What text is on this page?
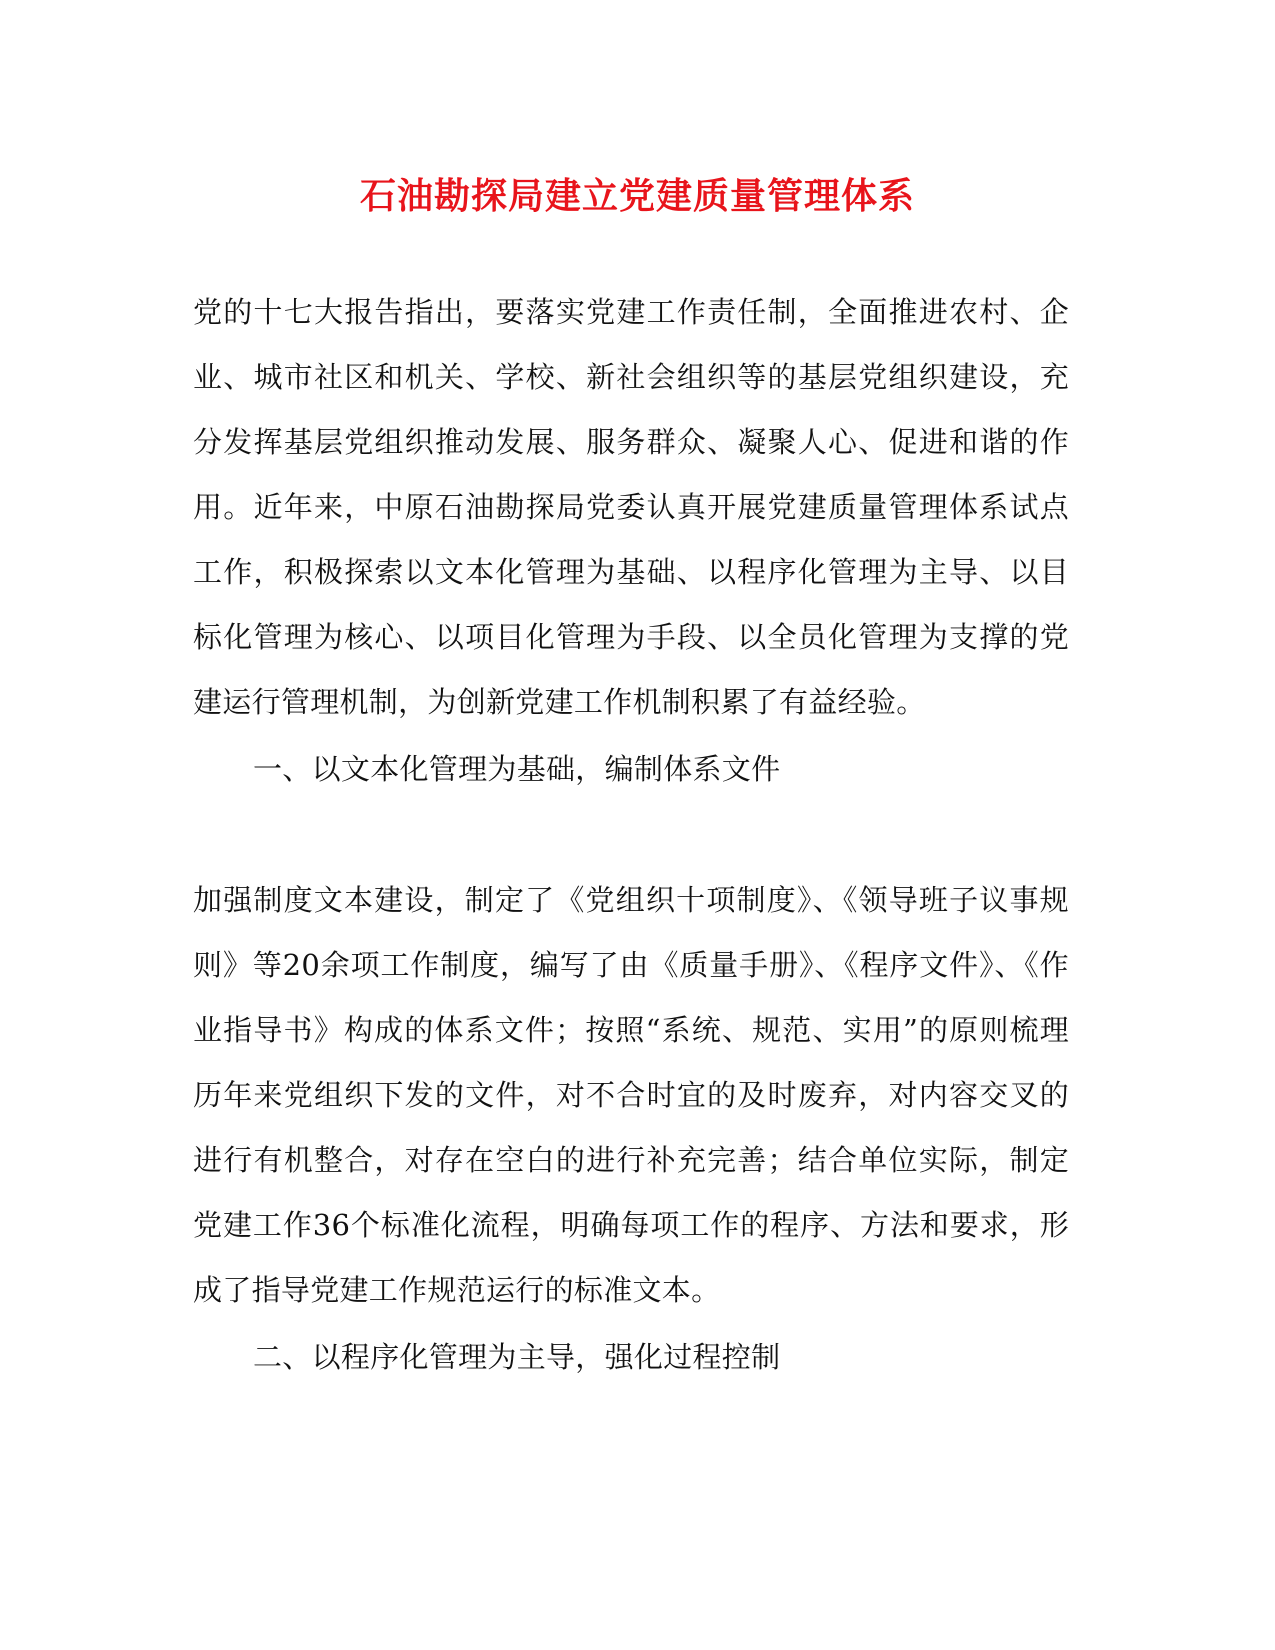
石油勘探局建立党建质量管理体系
党的十七大报告指出，要落实党建工作责任制，全面推进农村、企业、城市社区和机关、学校、新社会组织等的基层党组织建设，充分发挥基层党组织推动发展、服务群众、凝聚人心、促进和谐的作用。近年来，中原石油勘探局党委认真开展党建质量管理体系试点工作，积极探索以文本化管理为基础、以程序化管理为主导、以目标化管理为核心、以项目化管理为手段、以全员化管理为支撑的党建运行管理机制，为创新党建工作机制积累了有益经验。
一、以文本化管理为基础，编制体系文件
加强制度文本建设，制定了《党组织十项制度》、《领导班子议事规则》等20余项工作制度，编写了由《质量手册》、《程序文件》、《作业指导书》构成的体系文件；按照“系统、规范、实用”的原则梳理历年来党组织下发的文件，对不合时宜的及时废弃，对内容交叉的进行有机整合，对存在空白的进行补充完善；结合单位实际，制定党建工作36个标准化流程，明确每项工作的程序、方法和要求，形成了指导党建工作规范运行的标准文本。
二、以程序化管理为主导，强化过程控制
